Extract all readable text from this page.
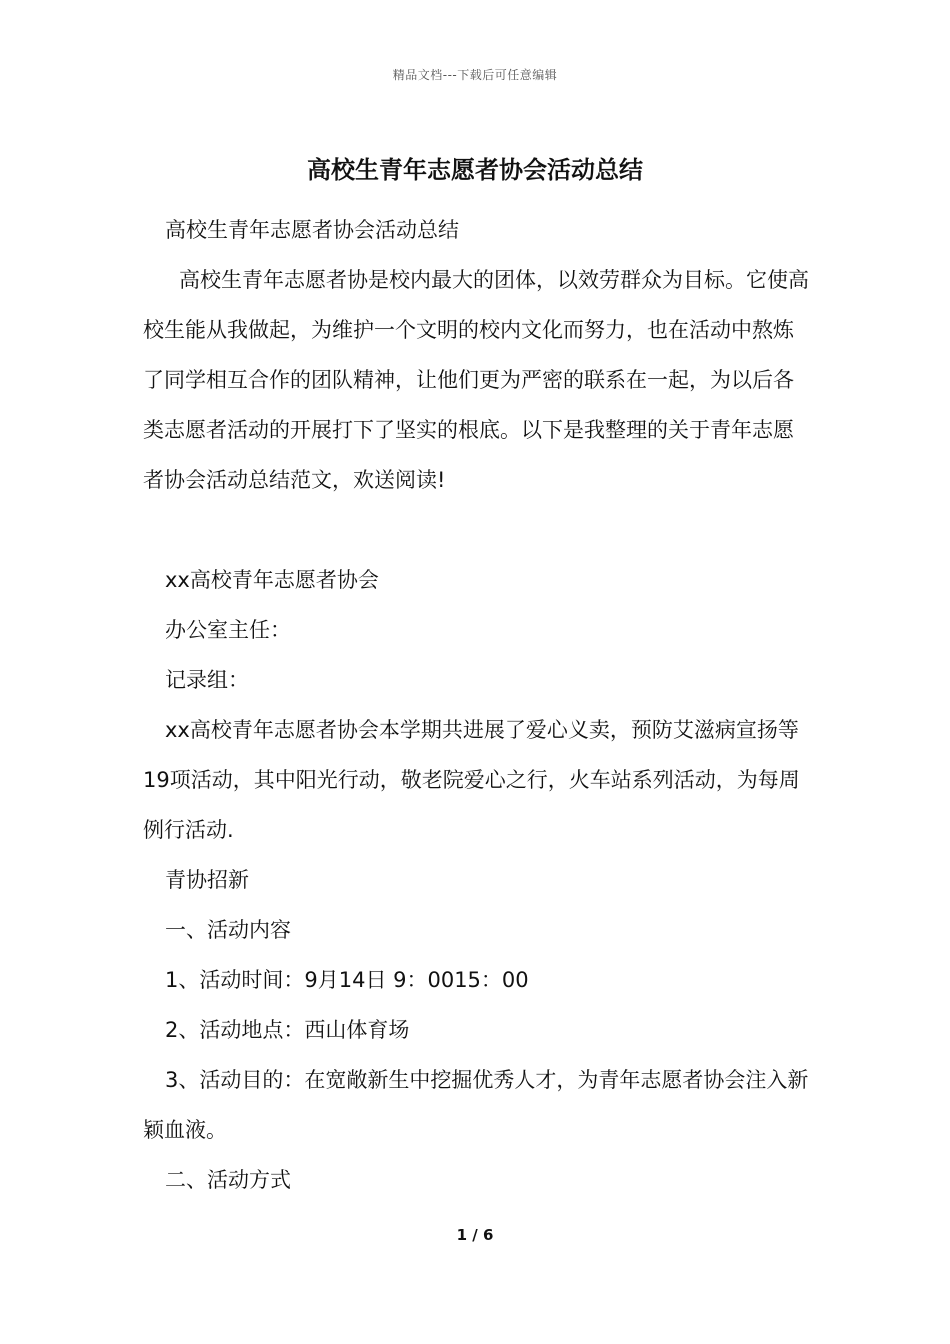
精品文档---下载后可任意编辑
高校生青年志愿者协会活动总结

高校生青年志愿者协会活动总结

高校生青年志愿者协是校内最大的团体，以效劳群众为目标。它使高校生能从我做起，为维护一个文明的校内文化而努力，也在活动中熬炼了同学相互合作的团队精神，让他们更为严密的联系在一起，为以后各类志愿者活动的开展打下了坚实的根底。以下是我整理的关于青年志愿者协会活动总结范文，欢送阅读!

xx高校青年志愿者协会

办公室主任：

记录组：

xx高校青年志愿者协会本学期共进展了爱心义卖，预防艾滋病宣扬等19项活动，其中阳光行动，敬老院爱心之行，火车站系列活动，为每周例行活动.

青协招新

一、活动内容

1、活动时间：9月14日 9：0015：00

2、活动地点：西山体育场

3、活动目的：在宽敞新生中挖掘优秀人才，为青年志愿者协会注入新颖血液。

二、活动方式

1 / 6
